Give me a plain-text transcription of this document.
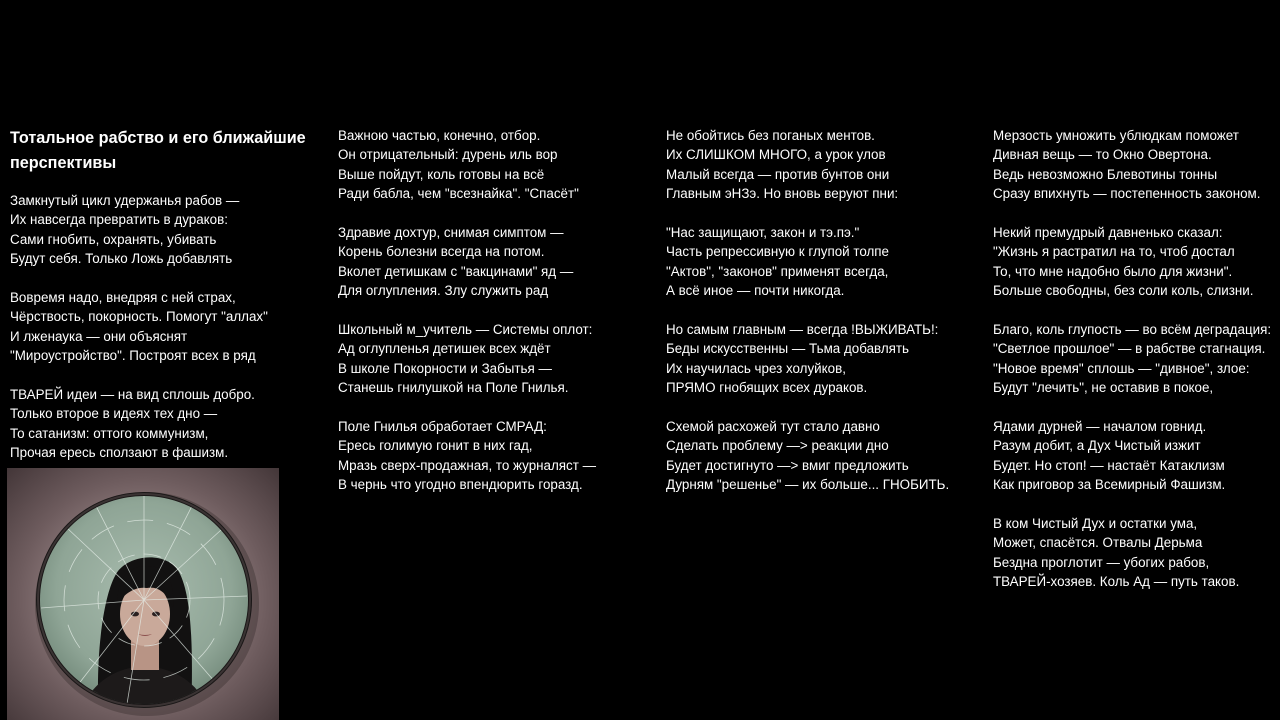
Тотальное рабство и его ближайшие перспективы
Замкнутый цикл удержанья рабов —
Их навсегда превратить в дураков:
Сами гнобить, охранять, убивать
Будут себя. Только Ложь добавлять
Вовремя надо, внедряя с ней страх,
Чёрствость, покорность. Помогут "аллах"
И лженаука — они объяснят
"Мироустройство". Построят всех в ряд
ТВАРЕЙ идеи — на вид сплошь добро.
Только второе в идеях тех дно —
То сатанизм: оттого коммунизм,
Прочая ересь сползают в фашизм.
Важною частью, конечно, отбор.
Он отрицательный: дурень иль вор
Выше пойдут, коль готовы на всё
Ради бабла, чем "всезнайка". "Спасёт"
Здравие дохтур, снимая симптом —
Корень болезни всегда на потом.
Вколет детишкам с "вакцинами" яд —
Для оглупления. Злу служить рад
Школьный м_учитель — Системы оплот:
Ад оглупленья детишек всех ждёт
В школе Покорности и Забытья —
Станешь гнилушкой на Поле Гнилья.
Поле Гнилья обработает СМРАД:
Ересь голимую гонит в них гад,
Мразь сверх-продажная, то журналяст —
В чернь что угодно впендюрить горазд.
Не обойтись без поганых ментов.
Их СЛИШКОМ МНОГО, а урок улов
Малый всегда — против бунтов они
Главным эНЗэ. Но вновь веруют пни:
"Нас защищают, закон и тэ.пэ."
Часть репрессивную к глупой толпе
"Актов", "законов" применят всегда,
А всё иное — почти никогда.
Но самым главным — всегда !ВЫЖИВАТЬ!:
Беды искусственны — Тьма добавлять
Их научилась чрез холуйков,
ПРЯМО гнобящих всех дураков.
Схемой расхожей тут стало давно
Сделать проблему —> реакции дно
Будет достигнуто —> вмиг предложить
Дурням "решенье" — их больше... ГНОБИТЬ.
Мерзость умножить ублюдкам поможет
Дивная вещь — то Окно Овертона.
Ведь невозможно Блевотины тонны
Сразу впихнуть — постепенность законом.
Некий премудрый давненько сказал:
"Жизнь я растратил на то, чтоб достал
То, что мне надобно было для жизни".
Больше свободны, без соли коль, слизни.
Благо, коль глупость — во всём деградация:
"Светлое прошлое" — в рабстве стагнация.
"Новое время" сплошь — "дивное", злое:
Будут "лечить", не оставив в покое,
Ядами дурней — началом говнид.
Разум добит, а Дух Чистый изжит
Будет. Но стоп! — настаёт Катаклизм
Как приговор за Всемирный Фашизм.
В ком Чистый Дух и остатки ума,
Может, спасётся. Отвалы Дерьма
Бездна проглотит — убогих рабов,
ТВАРЕЙ-хозяев. Коль Ад — путь таков.
